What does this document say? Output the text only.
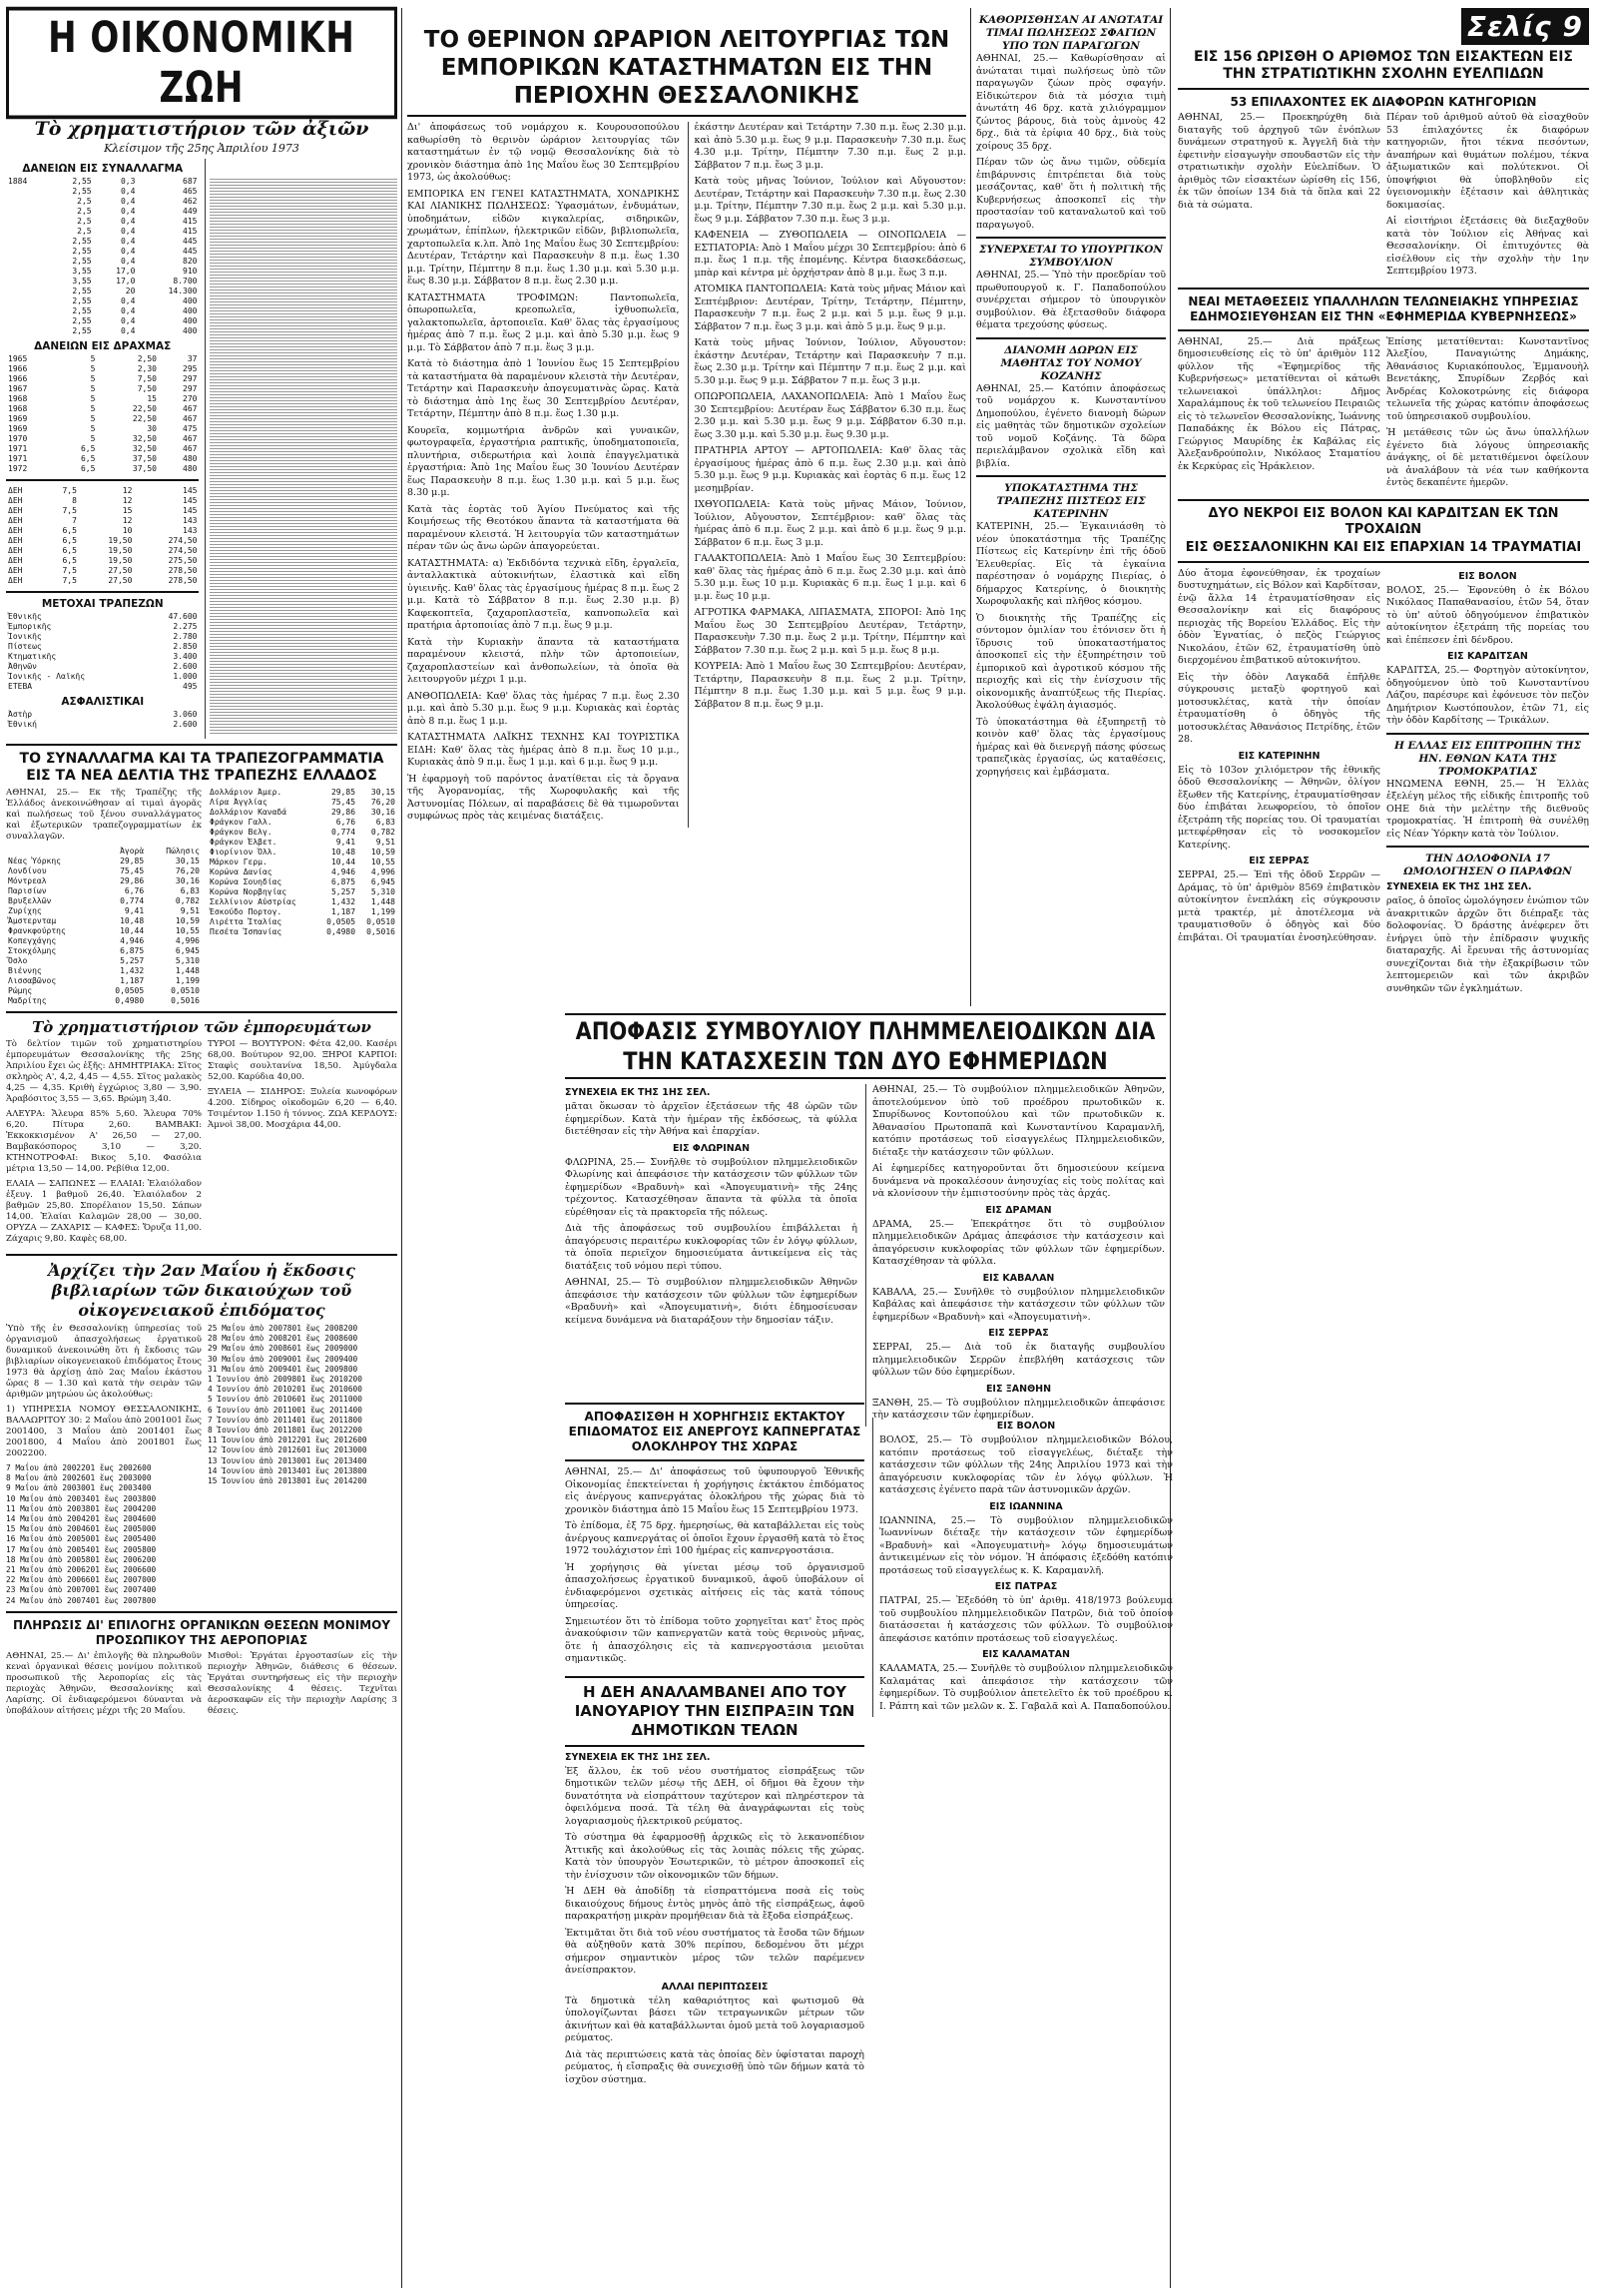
Η ΟΙΚΟΝΟΜΙΚΗ ΖΩΗ
Τὸ χρηματιστήριον τῶν ἀξιῶν
Κλείσιμον τῆς 25ης Ἀπριλίου 1973
ΔΑΝΕΙΩΝ ΕΙΣ ΣΥΝΑΛΛΑΓΜΑ
1884	2,55	0,3	687
	2,55	0,4	465
	2,5	0,4	462
	2,5	0,4	449
	2,5	0,4	415
	2,5	0,4	415
	2,55	0,4	445
	2,55	0,4	445
	2,55	0,4	820
	3,55	17,0	910
	3,55	17,0	8.700
	2,55	20	14.300
	2,55	0,4	400
	2,55	0,4	400
	2,55	0,4	400
	2,55	0,4	400
ΔΑΝΕΙΩΝ ΕΙΣ ΔΡΑΧΜΑΣ
1965	5	2,50	37
1966	5	2,30	295
1966	5	7,50	297
1967	5	7,50	297
1968	5	15	270
1968	5	22,50	467
1969	5	22,50	467
1969	5	30	475
1970	5	32,50	467
1971	6,5	32,50	467
1971	6,5	37,50	480
1972	6,5	37,50	480
ΔΕΗ	7,5	12	145
ΔΕΗ	8	12	145
ΔΕΗ	7,5	15	145
ΔΕΗ	7	12	143
ΔΕΗ	6,5	10	143
ΔΕΗ	6,5	19,50	274,50
ΔΕΗ	6,5	19,50	274,50
ΔΕΗ	6,5	19,50	275,50
ΔΕΗ	7,5	27,50	278,50
ΔΕΗ	7,5	27,50	278,50
ΜΕΤΟΧΑΙ ΤΡΑΠΕΖΩΝ
Ἐθνικῆς	47.600
Ἐμπορικῆς	2.275
Ἰονικῆς	2.780
Πίστεως	2.850
Κτηματικῆς	3.400
Ἀθηνῶν	2.600
Ἰονικῆς - Λαϊκῆς	1.000
ΕΤΕΒΑ	495
ΑΣΦΑΛΙΣΤΙΚΑΙ
Ἀστὴρ	3.060
Ἐθνική	2.600
ΤΟ ΣΥΝΑΛΛΑΓΜΑ ΚΑΙ ΤΑ ΤΡΑΠΕΖΟΓΡΑΜΜΑΤΙΑ ΕΙΣ ΤΑ ΝΕΑ ΔΕΛΤΙΑ ΤΗΣ ΤΡΑΠΕΖΗΣ ΕΛΛΑΔΟΣ

ΑΘΗΝΑΙ, 25.— Εκ τῆς Τραπέζης τῆς Ἑλλάδος ἀνεκοινώθησαν αἱ τιμαὶ ἀγορᾶς καὶ πωλήσεως τοῦ ξένου συναλλάγματος καὶ ἐξωτερικῶν τραπεζογραμματίων ἐκ συναλλαγῶν.

	Ἀγορὰ	Πώλησις
Νέας Ὑόρκης	29,85	30,15
Λονδίνου	75,45	76,20
Μόντρεαλ	29,86	30,16
Παρισίων	6,76	6,83
Βρυξελλῶν	0,774	0,782
Ζυρίχης	9,41	9,51
Ἄμστερνταμ	10,48	10,59
Φρανκφούρτης	10,44	10,55
Κοπεγχάγης	4,946	4,996
Στοκχόλμης	6,875	6,945
Ὄσλο	5,257	5,310
Βιέννης	1,432	1,448
Λισσαβῶνος	1,187	1,199
Ρώμης	0,0505	0,0510
Μαδρίτης	0,4980	0,5016
Δολλάριον Ἀμερ.	29,85	30,15
Λίρα Ἀγγλίας	75,45	76,20
Δολλάριον Καναδά	29,86	30,16
Φράγκον Γαλλ.	6,76	6,83
Φράγκον Βελγ.	0,774	0,782
Φράγκον Ἐλβετ.	9,41	9,51
Φιορίνιον Ὁλλ.	10,48	10,59
Μάρκον Γερμ.	10,44	10,55
Κορώνα Δανίας	4,946	4,996
Κορώνα Σουηδίας	6,875	6,945
Κορώνα Νορβηγίας	5,257	5,310
Σελλίνιον Αὐστρίας	1,432	1,448
Ἐσκούδο Πορτογ.	1,187	1,199
Λιρέττα Ἰταλίας	0,0505	0,0510
Πεσέτα Ἱσπανίας	0,4980	0,5016
Τὸ χρηματιστήριον τῶν ἐμπορευμάτων

Τὸ δελτίον τιμῶν τοῦ χρηματιστηρίου ἐμπορευμάτων Θεσσαλονίκης τῆς 25ης Ἀπριλίου ἔχει ὡς ἑξῆς: ΔΗΜΗΤΡΙΑΚΑ: Σῖτος σκληρὸς Α', 4,2, 4,45 — 4,55. Σῖτος μαλακὸς 4,25 — 4,35. Κριθὴ ἐγχώριος 3,80 — 3,90. Ἀραβόσιτος 3,55 — 3,65. Βρώμη 3,40.

ΑΛΕΥΡΑ: Ἄλευρα 85% 5,60. Ἄλευρα 70% 6,20. Πίτυρα 2,60. ΒΑΜΒΑΚΙ: Ἐκκοκκισμένον Α' 26,50 — 27,00. Βαμβακόσπορος 3,10 — 3,20. ΚΤΗΝΟΤΡΟΦΑΙ: Βικος 5,10. Φασόλια μέτρια 13,50 — 14,00. Ρεβίθια 12,00.

ΕΛΑΙΑ — ΣΑΠΩΝΕΣ — ΕΛΑΙΑΙ: Ἐλαιόλαδον ἐξευγ. 1 βαθμοῦ 26,40. Ἐλαιόλαδον 2 βαθμῶν 25,80. Σπορέλαιον 15,50. Σάπων 14,00. Ἐλαίαι Καλαμῶν 28,00 — 30,00. ΟΡΥΖΑ — ΖΑΧΑΡΙΣ — ΚΑΦΕΣ: Ὄρυζα 11,00. Ζάχαρις 9,80. Καφὲς 68,00.

ΤΥΡΟΙ — ΒΟΥΤΥΡΟΝ: Φέτα 42,00. Κασέρι 68,00. Βούτυρον 92,00. ΞΗΡΟΙ ΚΑΡΠΟΙ: Σταφὶς σουλτανίνα 18,50. Ἀμύγδαλα 52,00. Καρύδια 40,00.

ΞΥΛΕΙΑ — ΣΙΔΗΡΟΣ: Ξυλεία κωνοφόρων 4.200. Σίδηρος οἰκοδομῶν 6,20 — 6,40. Τσιμέντον 1.150 ἡ τόννος. ΖΩΑ ΚΕΡΔΟΥΣ: Ἀμνοὶ 38,00. Μοσχάρια 44,00.

Ἀρχίζει τὴν 2αν Μαΐου ἡ ἔκδοσις βιβλιαρίων τῶν δικαιούχων τοῦ οἰκογενειακοῦ ἐπιδόματος

Ὑπὸ τῆς ἐν Θεσσαλονίκῃ ὑπηρεσίας τοῦ ὀργανισμοῦ ἀπασχολήσεως ἐργατικοῦ δυναμικοῦ ἀνεκοινώθη ὅτι ἡ ἔκδοσις τῶν βιβλιαρίων οἰκογενειακοῦ ἐπιδόματος ἔτους 1973 θὰ ἀρχίσῃ ἀπὸ 2ας Μαΐου ἑκάστου ὥρας 8 — 1.30 καὶ κατὰ τὴν σειρὰν τῶν ἀριθμῶν μητρώου ὡς ἀκολούθως:

1) ΥΠΗΡΕΣΙΑ ΝΟΜΟΥ ΘΕΣΣΑΛΟΝΙΚΗΣ, ΒΑΛΑΩΡΙΤΟΥ 30: 2 Μαΐου ἀπὸ 2001001 ἕως 2001400, 3 Μαΐου ἀπὸ 2001401 ἕως 2001800, 4 Μαΐου ἀπὸ 2001801 ἕως 2002200.

7 Μαΐου ἀπὸ 2002201 ἕως 2002600
8 Μαΐου ἀπὸ 2002601 ἕως 2003000
9 Μαΐου ἀπὸ 2003001 ἕως 2003400
10 Μαΐου ἀπὸ 2003401 ἕως 2003800
11 Μαΐου ἀπὸ 2003801 ἕως 2004200
14 Μαΐου ἀπὸ 2004201 ἕως 2004600
15 Μαΐου ἀπὸ 2004601 ἕως 2005000
16 Μαΐου ἀπὸ 2005001 ἕως 2005400
17 Μαΐου ἀπὸ 2005401 ἕως 2005800
18 Μαΐου ἀπὸ 2005801 ἕως 2006200
21 Μαΐου ἀπὸ 2006201 ἕως 2006600
22 Μαΐου ἀπὸ 2006601 ἕως 2007000
23 Μαΐου ἀπὸ 2007001 ἕως 2007400
24 Μαΐου ἀπὸ 2007401 ἕως 2007800
25 Μαΐου ἀπὸ 2007801 ἕως 2008200
28 Μαΐου ἀπὸ 2008201 ἕως 2008600
29 Μαΐου ἀπὸ 2008601 ἕως 2009000
30 Μαΐου ἀπὸ 2009001 ἕως 2009400
31 Μαΐου ἀπὸ 2009401 ἕως 2009800
1 Ἰουνίου ἀπὸ 2009801 ἕως 2010200
4 Ἰουνίου ἀπὸ 2010201 ἕως 2010600
5 Ἰουνίου ἀπὸ 2010601 ἕως 2011000
6 Ἰουνίου ἀπὸ 2011001 ἕως 2011400
7 Ἰουνίου ἀπὸ 2011401 ἕως 2011800
8 Ἰουνίου ἀπὸ 2011801 ἕως 2012200
11 Ἰουνίου ἀπὸ 2012201 ἕως 2012600
12 Ἰουνίου ἀπὸ 2012601 ἕως 2013000
13 Ἰουνίου ἀπὸ 2013001 ἕως 2013400
14 Ἰουνίου ἀπὸ 2013401 ἕως 2013800
15 Ἰουνίου ἀπὸ 2013801 ἕως 2014200
ΠΛΗΡΩΣΙΣ ΔΙ' ΕΠΙΛΟΓΗΣ ΟΡΓΑΝΙΚΩΝ ΘΕΣΕΩΝ ΜΟΝΙΜΟΥ ΠΡΟΣΩΠΙΚΟΥ ΤΗΣ ΑΕΡΟΠΟΡΙΑΣ

ΑΘΗΝΑΙ, 25.— Δι' ἐπιλογῆς θὰ πληρωθοῦν κεναὶ ὀργανικαὶ θέσεις μονίμου πολιτικοῦ προσωπικοῦ τῆς Ἀεροπορίας εἰς τὰς περιοχὰς Ἀθηνῶν, Θεσσαλονίκης καὶ Λαρίσης. Οἱ ἐνδιαφερόμενοι δύνανται νὰ ὑποβάλουν αἰτήσεις μέχρι τῆς 20 Μαΐου.

Μισθοὶ: Ἐργάται ἐργοστασίων εἰς τὴν περιοχὴν Ἀθηνῶν, διάθεσις 6 θέσεων. Ἐργάται συντηρήσεως εἰς τὴν περιοχὴν Θεσσαλονίκης 4 θέσεις. Τεχνῖται ἀεροσκαφῶν εἰς τὴν περιοχὴν Λαρίσης 3 θέσεις.

ΤΟ ΘΕΡΙΝΟΝ ΩΡΑΡΙΟΝ ΛΕΙΤΟΥΡΓΙΑΣ ΤΩΝ ΕΜΠΟΡΙΚΩΝ ΚΑΤΑΣΤΗΜΑΤΩΝ ΕΙΣ ΤΗΝ ΠΕΡΙΟΧΗΝ ΘΕΣΣΑΛΟΝΙΚΗΣ

Δι' ἀποφάσεως τοῦ νομάρχου κ. Κουρουσοπούλου καθωρίσθη τὸ θερινὸν ὡράριον λειτουργίας τῶν καταστημάτων ἐν τῷ νομῷ Θεσσαλονίκης διὰ τὸ χρονικὸν διάστημα ἀπὸ 1ης Μαΐου ἕως 30 Σεπτεμβρίου 1973, ὡς ἀκολούθως:

ΕΜΠΟΡΙΚΑ ΕΝ ΓΕΝΕΙ ΚΑΤΑΣΤΗΜΑΤΑ, ΧΟΝΔΡΙΚΗΣ ΚΑΙ ΛΙΑΝΙΚΗΣ ΠΩΛΗΣΕΩΣ: Ὑφασμάτων, ἐνδυμάτων, ὑποδημάτων, εἰδῶν κιγκαλερίας, σιδηρικῶν, χρωμάτων, ἐπίπλων, ἠλεκτρικῶν εἰδῶν, βιβλιοπωλεῖα, χαρτοπωλεῖα κ.λπ. Ἀπὸ 1ης Μαΐου ἕως 30 Σεπτεμβρίου: Δευτέραν, Τετάρτην καὶ Παρασκευὴν 8 π.μ. ἕως 1.30 μ.μ. Τρίτην, Πέμπτην 8 π.μ. ἕως 1.30 μ.μ. καὶ 5.30 μ.μ. ἕως 8.30 μ.μ. Σάββατον 8 π.μ. ἕως 2.30 μ.μ.

ΚΑΤΑΣΤΗΜΑΤΑ ΤΡΟΦΙΜΩΝ: Παντοπωλεῖα, ὀπωροπωλεῖα, κρεοπωλεῖα, ἰχθυοπωλεῖα, γαλακτοπωλεῖα, ἀρτοποιεῖα. Καθ' ὅλας τὰς ἐργασίμους ἡμέρας ἀπὸ 7 π.μ. ἕως 2 μ.μ. καὶ ἀπὸ 5.30 μ.μ. ἕως 9 μ.μ. Τὸ Σάββατον ἀπὸ 7 π.μ. ἕως 3 μ.μ.

Κατὰ τὸ διάστημα ἀπὸ 1 Ἰουνίου ἕως 15 Σεπτεμβρίου τὰ καταστήματα θὰ παραμένουν κλειστὰ τὴν Δευτέραν, Τετάρτην καὶ Παρασκευὴν ἀπογευματινὰς ὥρας. Κατὰ τὸ διάστημα ἀπὸ 1ης ἕως 30 Σεπτεμβρίου Δευτέραν, Τετάρτην, Πέμπτην ἀπὸ 8 π.μ. ἕως 1.30 μ.μ.

Κουρεῖα, κομμωτήρια ἀνδρῶν καὶ γυναικῶν, φωτογραφεῖα, ἐργαστήρια ραπτικῆς, ὑποδηματοποιεῖα, πλυντήρια, σιδερωτήρια καὶ λοιπὰ ἐπαγγελματικὰ ἐργαστήρια: Ἀπὸ 1ης Μαΐου ἕως 30 Ἰουνίου Δευτέραν ἕως Παρασκευὴν 8 π.μ. ἕως 1.30 μ.μ. καὶ 5 μ.μ. ἕως 8.30 μ.μ.

Κατὰ τὰς ἑορτὰς τοῦ Ἁγίου Πνεύματος καὶ τῆς Κοιμήσεως τῆς Θεοτόκου ἅπαντα τὰ καταστήματα θὰ παραμένουν κλειστά. Ἡ λειτουργία τῶν καταστημάτων πέραν τῶν ὡς ἄνω ὡρῶν ἀπαγορεύεται.

ΚΑΤΑΣΤΗΜΑΤΑ: α) Ἐκδιδόντα τεχνικὰ εἴδη, ἐργαλεῖα, ἀνταλλακτικὰ αὐτοκινήτων, ἐλαστικὰ καὶ εἴδη ὑγιεινῆς. Καθ' ὅλας τὰς ἐργασίμους ἡμέρας 8 π.μ. ἕως 2 μ.μ. Κατὰ τὸ Σάββατον 8 π.μ. ἕως 2.30 μ.μ. β) Καφεκοπτεῖα, ζαχαροπλαστεῖα, καπνοπωλεῖα καὶ πρατήρια ἀρτοποιίας ἀπὸ 7 π.μ. ἕως 9 μ.μ.

Κατὰ τὴν Κυριακὴν ἅπαντα τὰ καταστήματα παραμένουν κλειστά, πλὴν τῶν ἀρτοποιείων, ζαχαροπλαστείων καὶ ἀνθοπωλείων, τὰ ὁποῖα θὰ λειτουργοῦν μέχρι 1 μ.μ.

ΑΝΘΟΠΩΛΕΙΑ: Καθ' ὅλας τὰς ἡμέρας 7 π.μ. ἕως 2.30 μ.μ. καὶ ἀπὸ 5.30 μ.μ. ἕως 9 μ.μ. Κυριακὰς καὶ ἑορτὰς ἀπὸ 8 π.μ. ἕως 1 μ.μ.

ΚΑΤΑΣΤΗΜΑΤΑ ΛΑΪΚΗΣ ΤΕΧΝΗΣ ΚΑΙ ΤΟΥΡΙΣΤΙΚΑ ΕΙΔΗ: Καθ' ὅλας τὰς ἡμέρας ἀπὸ 8 π.μ. ἕως 10 μ.μ., Κυριακὰς ἀπὸ 9 π.μ. ἕως 1 μ.μ. καὶ 6 μ.μ. ἕως 9 μ.μ.

Ἡ ἐφαρμογὴ τοῦ παρόντος ἀνατίθεται εἰς τὰ ὄργανα τῆς Ἀγορανομίας, τῆς Χωροφυλακῆς καὶ τῆς Ἀστυνομίας Πόλεων, αἱ παραβάσεις δὲ θὰ τιμωροῦνται συμφώνως πρὸς τὰς κειμένας διατάξεις.

ἑκάστην Δευτέραν καὶ Τετάρτην 7.30 π.μ. ἕως 2.30 μ.μ. καὶ ἀπὸ 5.30 μ.μ. ἕως 9 μ.μ. Παρασκευὴν 7.30 π.μ. ἕως 4.30 μ.μ. Τρίτην, Πέμπτην 7.30 π.μ. ἕως 2 μ.μ. Σάββατον 7 π.μ. ἕως 3 μ.μ.

Κατὰ τοὺς μῆνας Ἰούνιον, Ἰούλιον καὶ Αὔγουστον: Δευτέραν, Τετάρτην καὶ Παρασκευὴν 7.30 π.μ. ἕως 2.30 μ.μ. Τρίτην, Πέμπτην 7.30 π.μ. ἕως 2 μ.μ. καὶ 5.30 μ.μ. ἕως 9 μ.μ. Σάββατον 7.30 π.μ. ἕως 3 μ.μ.

ΚΑΦΕΝΕΙΑ — ΖΥΘΟΠΩΛΕΙΑ — ΟΙΝΟΠΩΛΕΙΑ — ΕΣΤΙΑΤΟΡΙΑ: Ἀπὸ 1 Μαΐου μέχρι 30 Σεπτεμβρίου: ἀπὸ 6 π.μ. ἕως 1 π.μ. τῆς ἐπομένης. Κέντρα διασκεδάσεως, μπὰρ καὶ κέντρα μὲ ὀρχήστραν ἀπὸ 8 μ.μ. ἕως 3 π.μ.

ΑΤΟΜΙΚΑ ΠΑΝΤΟΠΩΛΕΙΑ: Κατὰ τοὺς μῆνας Μάιον καὶ Σεπτέμβριον: Δευτέραν, Τρίτην, Τετάρτην, Πέμπτην, Παρασκευὴν 7 π.μ. ἕως 2 μ.μ. καὶ 5 μ.μ. ἕως 9 μ.μ. Σάββατον 7 π.μ. ἕως 3 μ.μ. καὶ ἀπὸ 5 μ.μ. ἕως 9 μ.μ.

Κατὰ τοὺς μῆνας Ἰούνιον, Ἰούλιον, Αὔγουστον: ἑκάστην Δευτέραν, Τετάρτην καὶ Παρασκευὴν 7 π.μ. ἕως 2.30 μ.μ. Τρίτην καὶ Πέμπτην 7 π.μ. ἕως 2 μ.μ. καὶ 5.30 μ.μ. ἕως 9 μ.μ. Σάββατον 7 π.μ. ἕως 3 μ.μ.

ΟΠΩΡΟΠΩΛΕΙΑ, ΛΑΧΑΝΟΠΩΛΕΙΑ: Ἀπὸ 1 Μαΐου ἕως 30 Σεπτεμβρίου: Δευτέραν ἕως Σάββατον 6.30 π.μ. ἕως 2.30 μ.μ. καὶ 5.30 μ.μ. ἕως 9 μ.μ. Σάββατον 6.30 π.μ. ἕως 3.30 μ.μ. καὶ 5.30 μ.μ. ἕως 9.30 μ.μ.

ΠΡΑΤΗΡΙΑ ΑΡΤΟΥ — ΑΡΤΟΠΩΛΕΙΑ: Καθ' ὅλας τὰς ἐργασίμους ἡμέρας ἀπὸ 6 π.μ. ἕως 2.30 μ.μ. καὶ ἀπὸ 5.30 μ.μ. ἕως 9 μ.μ. Κυριακὰς καὶ ἑορτὰς 6 π.μ. ἕως 12 μεσημβρίαν.

ΙΧΘΥΟΠΩΛΕΙΑ: Κατὰ τοὺς μῆνας Μάιον, Ἰούνιον, Ἰούλιον, Αὔγουστον, Σεπτέμβριον: καθ' ὅλας τὰς ἡμέρας ἀπὸ 6 π.μ. ἕως 2 μ.μ. καὶ ἀπὸ 6 μ.μ. ἕως 9 μ.μ. Σάββατον 6 π.μ. ἕως 3 μ.μ.

ΓΑΛΑΚΤΟΠΩΛΕΙΑ: Ἀπὸ 1 Μαΐου ἕως 30 Σεπτεμβρίου: καθ' ὅλας τὰς ἡμέρας ἀπὸ 6 π.μ. ἕως 2.30 μ.μ. καὶ ἀπὸ 5.30 μ.μ. ἕως 10 μ.μ. Κυριακὰς 6 π.μ. ἕως 1 μ.μ. καὶ 6 μ.μ. ἕως 10 μ.μ.

ΑΓΡΟΤΙΚΑ ΦΑΡΜΑΚΑ, ΛΙΠΑΣΜΑΤΑ, ΣΠΟΡΟΙ: Ἀπὸ 1ης Μαΐου ἕως 30 Σεπτεμβρίου Δευτέραν, Τετάρτην, Παρασκευὴν 7.30 π.μ. ἕως 2 μ.μ. Τρίτην, Πέμπτην καὶ Σάββατον 7.30 π.μ. ἕως 2 μ.μ. καὶ 5 μ.μ. ἕως 8 μ.μ.

ΚΟΥΡΕΙΑ: Ἀπὸ 1 Μαΐου ἕως 30 Σεπτεμβρίου: Δευτέραν, Τετάρτην, Παρασκευὴν 8 π.μ. ἕως 2 μ.μ. Τρίτην, Πέμπτην 8 π.μ. ἕως 1.30 μ.μ. καὶ 5 μ.μ. ἕως 9 μ.μ. Σάββατον 8 π.μ. ἕως 9 μ.μ.

ΚΑΘΟΡΙΣΘΗΣΑΝ ΑΙ ΑΝΩΤΑΤΑΙ ΤΙΜΑΙ ΠΩΛΗΣΕΩΣ ΣΦΑΓΙΩΝ ΥΠΟ ΤΩΝ ΠΑΡΑΓΩΓΩΝ

ΑΘΗΝΑΙ, 25.— Καθωρίσθησαν αἱ ἀνώταται τιμαὶ πωλήσεως ὑπὸ τῶν παραγωγῶν ζώων πρὸς σφαγήν. Εἰδικώτερον διὰ τὰ μόσχια τιμὴ ἀνωτάτη 46 δρχ. κατὰ χιλιόγραμμον ζώντος βάρους, διὰ τοὺς ἀμνοὺς 42 δρχ., διὰ τὰ ἐρίφια 40 δρχ., διὰ τοὺς χοίρους 35 δρχ.

Πέραν τῶν ὡς ἄνω τιμῶν, οὐδεμία ἐπιβάρυνσις ἐπιτρέπεται διὰ τοὺς μεσάζοντας, καθ' ὅτι ἡ πολιτικὴ τῆς Κυβερνήσεως ἀποσκοπεῖ εἰς τὴν προστασίαν τοῦ καταναλωτοῦ καὶ τοῦ παραγωγοῦ.

ΣΥΝΕΡΧΕΤΑΙ ΤΟ ΥΠΟΥΡΓΙΚΟΝ ΣΥΜΒΟΥΛΙΟΝ

ΑΘΗΝΑΙ, 25.— Ὑπὸ τὴν προεδρίαν τοῦ πρωθυπουργοῦ κ. Γ. Παπαδοπούλου συνέρχεται σήμερον τὸ ὑπουργικὸν συμβούλιον. Θὰ ἐξετασθοῦν διάφορα θέματα τρεχούσης φύσεως.

ΔΙΑΝΟΜΗ ΔΩΡΩΝ ΕΙΣ ΜΑΘΗΤΑΣ ΤΟΥ ΝΟΜΟΥ ΚΟΖΑΝΗΣ

ΑΘΗΝΑΙ, 25.— Κατόπιν ἀποφάσεως τοῦ νομάρχου κ. Κωνσταντίνου Δημοπούλου, ἐγένετο διανομὴ δώρων εἰς μαθητὰς τῶν δημοτικῶν σχολείων τοῦ νομοῦ Κοζάνης. Τὰ δῶρα περιελάμβανον σχολικὰ εἴδη καὶ βιβλία.

ΥΠΟΚΑΤΑΣΤΗΜΑ ΤΗΣ ΤΡΑΠΕΖΗΣ ΠΙΣΤΕΩΣ ΕΙΣ ΚΑΤΕΡΙΝΗΝ

ΚΑΤΕΡΙΝΗ, 25.— Ἐγκαινιάσθη τὸ νέον ὑποκατάστημα τῆς Τραπέζης Πίστεως εἰς Κατερίνην ἐπὶ τῆς ὁδοῦ Ἐλευθερίας. Εἰς τὰ ἐγκαίνια παρέστησαν ὁ νομάρχης Πιερίας, ὁ δήμαρχος Κατερίνης, ὁ διοικητὴς Χωροφυλακῆς καὶ πλῆθος κόσμου.

Ὁ διοικητὴς τῆς Τραπέζης εἰς σύντομον ὁμιλίαν του ἐτόνισεν ὅτι ἡ ἵδρυσις τοῦ ὑποκαταστήματος ἀποσκοπεῖ εἰς τὴν ἐξυπηρέτησιν τοῦ ἐμπορικοῦ καὶ ἀγροτικοῦ κόσμου τῆς περιοχῆς καὶ εἰς τὴν ἐνίσχυσιν τῆς οἰκονομικῆς ἀναπτύξεως τῆς Πιερίας. Ἀκολούθως ἐψάλη ἁγιασμός.

Τὸ ὑποκατάστημα θὰ ἐξυπηρετῇ τὸ κοινὸν καθ' ὅλας τὰς ἐργασίμους ἡμέρας καὶ θὰ διενεργῇ πάσης φύσεως τραπεζικὰς ἐργασίας, ὡς καταθέσεις, χορηγήσεις καὶ ἐμβάσματα.

ΑΠΟΦΑΣΙΣ ΣΥΜΒΟΥΛΙΟΥ ΠΛΗΜΜΕΛΕΙΟΔΙΚΩΝ ΔΙΑ ΤΗΝ ΚΑΤΑΣΧΕΣΙΝ ΤΩΝ ΔΥΟ ΕΦΗΜΕΡΙΔΩΝ
ΣΥΝΕΧΕΙΑ ΕΚ ΤΗΣ 1ΗΣ ΣΕΛ.

μᾶται ὅκωσαν τὸ ἀρχεῖον ἐξετάσεων τῆς 48 ὠρῶν τῶν ἐφημερίδων. Κατὰ τὴν ἡμέραν τῆς ἐκδόσεως, τὰ φύλλα διετέθησαν εἰς τὴν Ἀθήνα καὶ ἐπαρχίαν.

ΕΙΣ ΦΛΩΡΙΝΑΝ

ΦΛΩΡΙΝΑ, 25.— Συνῆλθε τὸ συμβούλιον πλημμελειοδικῶν Φλωρίνης καὶ ἀπεφάσισε τὴν κατάσχεσιν τῶν φύλλων τῶν ἐφημερίδων «Βραδυνὴ» καὶ «Ἀπογευματινὴ» τῆς 24ης τρέχοντος. Κατασχέθησαν ἅπαντα τὰ φύλλα τὰ ὁποῖα εὑρέθησαν εἰς τὰ πρακτορεῖα τῆς πόλεως.

Διὰ τῆς ἀποφάσεως τοῦ συμβουλίου ἐπιβάλλεται ἡ ἀπαγόρευσις περαιτέρω κυκλοφορίας τῶν ἐν λόγῳ φύλλων, τὰ ὁποῖα περιεῖχον δημοσιεύματα ἀντικείμενα εἰς τὰς διατάξεις τοῦ νόμου περὶ τύπου.

ΑΘΗΝΑΙ, 25.— Τὸ συμβούλιον πλημμελειοδικῶν Ἀθηνῶν ἀπεφάσισε τὴν κατάσχεσιν τῶν φύλλων τῶν ἐφημερίδων «Βραδυνὴ» καὶ «Ἀπογευματινὴ», διότι ἐδημοσίευσαν κείμενα δυνάμενα νὰ διαταράξουν τὴν δημοσίαν τάξιν.

ΑΘΗΝΑΙ, 25.— Τὸ συμβούλιον πλημμελειοδικῶν Ἀθηνῶν, ἀποτελούμενον ὑπὸ τοῦ προέδρου πρωτοδικῶν κ. Σπυρίδωνος Κοντοπούλου καὶ τῶν πρωτοδικῶν κ. Ἀθανασίου Πρωτοπαπᾶ καὶ Κωνσταντίνου Καραμανλῆ, κατόπιν προτάσεως τοῦ εἰσαγγελέως Πλημμελειοδικῶν, διέταξε τὴν κατάσχεσιν τῶν φύλλων.

Αἱ ἐφημερίδες κατηγοροῦνται ὅτι δημοσιεύουν κείμενα δυνάμενα νὰ προκαλέσουν ἀνησυχίας εἰς τοὺς πολίτας καὶ νὰ κλονίσουν τὴν ἐμπιστοσύνην πρὸς τὰς ἀρχάς.

ΕΙΣ ΔΡΑΜΑΝ

ΔΡΑΜΑ, 25.— Ἐπεκράτησε ὅτι τὸ συμβούλιον πλημμελειοδικῶν Δράμας ἀπεφάσισε τὴν κατάσχεσιν καὶ ἀπαγόρευσιν κυκλοφορίας τῶν φύλλων τῶν ἐφημερίδων. Κατασχέθησαν τὰ φύλλα.

ΕΙΣ ΚΑΒΑΛΑΝ

ΚΑΒΑΛΑ, 25.— Συνῆλθε τὸ συμβούλιον πλημμελειοδικῶν Καβάλας καὶ ἀπεφάσισε τὴν κατάσχεσιν τῶν φύλλων τῶν ἐφημερίδων «Βραδυνὴ» καὶ «Ἀπογευματινὴ».

ΕΙΣ ΣΕΡΡΑΣ

ΣΕΡΡΑΙ, 25.— Διὰ τοῦ ἐκ διαταγῆς συμβουλίου πλημμελειοδικῶν Σερρῶν ἐπεβλήθη κατάσχεσις τῶν φύλλων τῶν δύο ἐφημερίδων.

ΕΙΣ ΞΑΝΘΗΝ

ΞΑΝΘΗ, 25.— Τὸ συμβούλιον πλημμελειοδικῶν ἀπεφάσισε τὴν κατάσχεσιν τῶν ἐφημερίδων.

ΑΠΟΦΑΣΙΣΘΗ Η ΧΟΡΗΓΗΣΙΣ ΕΚΤΑΚΤΟΥ ΕΠΙΔΟΜΑΤΟΣ ΕΙΣ ΑΝΕΡΓΟΥΣ ΚΑΠΝΕΡΓΑΤΑΣ ΟΛΟΚΛΗΡΟΥ ΤΗΣ ΧΩΡΑΣ

ΑΘΗΝΑΙ, 25.— Δι' ἀποφάσεως τοῦ ὑφυπουργοῦ Ἐθνικῆς Οἰκονομίας ἐπεκτείνεται ἡ χορήγησις ἐκτάκτου ἐπιδόματος εἰς ἀνέργους καπνεργάτας ὁλοκλήρου τῆς χώρας διὰ τὸ χρονικὸν διάστημα ἀπὸ 15 Μαΐου ἕως 15 Σεπτεμβρίου 1973.

Τὸ ἐπίδομα, ἐξ 75 δρχ. ἡμερησίως, θὰ καταβάλλεται εἰς τοὺς ἀνέργους καπνεργάτας οἱ ὁποῖοι ἔχουν ἐργασθῆ κατὰ τὸ ἔτος 1972 τουλάχιστον ἐπὶ 100 ἡμέρας εἰς καπνεργοστάσια.

Ἡ χορήγησις θὰ γίνεται μέσῳ τοῦ ὀργανισμοῦ ἀπασχολήσεως ἐργατικοῦ δυναμικοῦ, ἀφοῦ ὑποβάλουν οἱ ἐνδιαφερόμενοι σχετικὰς αἰτήσεις εἰς τὰς κατὰ τόπους ὑπηρεσίας.

Σημειωτέον ὅτι τὸ ἐπίδομα τοῦτο χορηγεῖται κατ' ἔτος πρὸς ἀνακούφισιν τῶν καπνεργατῶν κατὰ τοὺς θερινοὺς μῆνας, ὅτε ἡ ἀπασχόλησις εἰς τὰ καπνεργοστάσια μειοῦται σημαντικῶς.

Η ΔΕΗ ΑΝΑΛΑΜΒΑΝΕΙ ΑΠΟ ΤΟΥ ΙΑΝΟΥΑΡΙΟΥ ΤΗΝ ΕΙΣΠΡΑΞΙΝ ΤΩΝ ΔΗΜΟΤΙΚΩΝ ΤΕΛΩΝ
ΣΥΝΕΧΕΙΑ ΕΚ ΤΗΣ 1ΗΣ ΣΕΛ.

Ἐξ ἄλλου, ἐκ τοῦ νέου συστήματος εἰσπράξεως τῶν δημοτικῶν τελῶν μέσῳ τῆς ΔΕΗ, οἱ δῆμοι θὰ ἔχουν τὴν δυνατότητα νὰ εἰσπράττουν ταχύτερον καὶ πληρέστερον τὰ ὀφειλόμενα ποσά. Τὰ τέλη θὰ ἀναγράφωνται εἰς τοὺς λογαριασμοὺς ἠλεκτρικοῦ ρεύματος.

Τὸ σύστημα θὰ ἐφαρμοσθῇ ἀρχικῶς εἰς τὸ λεκανοπέδιον Ἀττικῆς καὶ ἀκολούθως εἰς τὰς λοιπὰς πόλεις τῆς χώρας. Κατὰ τὸν ὑπουργὸν Ἐσωτερικῶν, τὸ μέτρον ἀποσκοπεῖ εἰς τὴν ἐνίσχυσιν τῶν οἰκονομικῶν τῶν δήμων.

Ἡ ΔΕΗ θὰ ἀποδίδῃ τὰ εἰσπραττόμενα ποσὰ εἰς τοὺς δικαιούχους δήμους ἐντὸς μηνὸς ἀπὸ τῆς εἰσπράξεως, ἀφοῦ παρακρατήσῃ μικρὰν προμήθειαν διὰ τὰ ἔξοδα εἰσπράξεως.

Ἐκτιμᾶται ὅτι διὰ τοῦ νέου συστήματος τὰ ἔσοδα τῶν δήμων θὰ αὐξηθοῦν κατὰ 30% περίπου, δεδομένου ὅτι μέχρι σήμερον σημαντικὸν μέρος τῶν τελῶν παρέμενεν ἀνείσπρακτον.

ΑΛΛΑΙ ΠΕΡΙΠΤΩΣΕΙΣ

Τὰ δημοτικὰ τέλη καθαριότητος καὶ φωτισμοῦ θὰ ὑπολογίζωνται βάσει τῶν τετραγωνικῶν μέτρων τῶν ἀκινήτων καὶ θὰ καταβάλλωνται ὁμοῦ μετὰ τοῦ λογαριασμοῦ ρεύματος.

Διὰ τὰς περιπτώσεις κατὰ τὰς ὁποίας δὲν ὑφίσταται παροχὴ ρεύματος, ἡ εἴσπραξις θὰ συνεχισθῇ ὑπὸ τῶν δήμων κατὰ τὸ ἰσχῦον σύστημα.

ΕΙΣ ΒΟΛΟΝ

ΒΟΛΟΣ, 25.— Τὸ συμβούλιον πλημμελειοδικῶν Βόλου, κατόπιν προτάσεως τοῦ εἰσαγγελέως, διέταξε τὴν κατάσχεσιν τῶν φύλλων τῆς 24ης Ἀπριλίου 1973 καὶ τὴν ἀπαγόρευσιν κυκλοφορίας τῶν ἐν λόγῳ φύλλων. Ἡ κατάσχεσις ἐγένετο παρὰ τῶν ἀστυνομικῶν ἀρχῶν.

ΕΙΣ ΙΩΑΝΝΙΝΑ

ΙΩΑΝΝΙΝΑ, 25.— Τὸ συμβούλιον πλημμελειοδικῶν Ἰωαννίνων διέταξε τὴν κατάσχεσιν τῶν ἐφημερίδων «Βραδυνὴ» καὶ «Ἀπογευματινὴ» λόγῳ δημοσιευμάτων ἀντικειμένων εἰς τὸν νόμον. Ἡ ἀπόφασις ἐξεδόθη κατόπιν προτάσεως τοῦ εἰσαγγελέως κ. Κ. Καραμανλῆ.

ΕΙΣ ΠΑΤΡΑΣ

ΠΑΤΡΑΙ, 25.— Ἐξεδόθη τὸ ὑπ' ἀριθμ. 418/1973 βούλευμα τοῦ συμβουλίου πλημμελειοδικῶν Πατρῶν, διὰ τοῦ ὁποίου διατάσσεται ἡ κατάσχεσις τῶν φύλλων. Τὸ συμβούλιον ἀπεφάσισε κατόπιν προτάσεως τοῦ εἰσαγγελέως.

ΕΙΣ ΚΑΛΑΜΑΤΑΝ

ΚΑΛΑΜΑΤΑ, 25.— Συνῆλθε τὸ συμβούλιον πλημμελειοδικῶν Καλαμάτας καὶ ἀπεφάσισε τὴν κατάσχεσιν τῶν ἐφημερίδων. Τὸ συμβούλιον ἀπετελεῖτο ἐκ τοῦ προέδρου κ. Ι. Ράπτη καὶ τῶν μελῶν κ. Σ. Γαβαλᾶ καὶ Α. Παπαδοπούλου.

Σελίς 9
ΕΙΣ 156 ΩΡΙΣΘΗ Ο ΑΡΙΘΜΟΣ ΤΩΝ ΕΙΣΑΚΤΕΩΝ ΕΙΣ ΤΗΝ ΣΤΡΑΤΙΩΤΙΚΗΝ ΣΧΟΛΗΝ ΕΥΕΛΠΙΔΩΝ
53 ΕΠΙΛΑΧΟΝΤΕΣ ΕΚ ΔΙΑΦΟΡΩΝ ΚΑΤΗΓΟΡΙΩΝ

ΑΘΗΝΑΙ, 25.— Προεκηρύχθη διὰ διαταγῆς τοῦ ἀρχηγοῦ τῶν ἐνόπλων δυνάμεων στρατηγοῦ κ. Ἀγγελῆ διὰ τὴν ἐφετινὴν εἰσαγωγὴν σπουδαστῶν εἰς τὴν στρατιωτικὴν σχολὴν Εὐελπίδων. Ὁ ἀριθμὸς τῶν εἰσακτέων ὡρίσθη εἰς 156, ἐκ τῶν ὁποίων 134 διὰ τὰ ὅπλα καὶ 22 διὰ τὰ σώματα.

Πέραν τοῦ ἀριθμοῦ αὐτοῦ θὰ εἰσαχθοῦν 53 ἐπιλαχόντες ἐκ διαφόρων κατηγοριῶν, ἤτοι τέκνα πεσόντων, ἀναπήρων καὶ θυμάτων πολέμου, τέκνα ἀξιωματικῶν καὶ πολύτεκνοι. Οἱ ὑποψήφιοι θὰ ὑποβληθοῦν εἰς ὑγειονομικὴν ἐξέτασιν καὶ ἀθλητικὰς δοκιμασίας.

Αἱ εἰσιτήριοι ἐξετάσεις θὰ διεξαχθοῦν κατὰ τὸν Ἰούλιον εἰς Ἀθήνας καὶ Θεσσαλονίκην. Οἱ ἐπιτυχόντες θὰ εἰσέλθουν εἰς τὴν σχολὴν τὴν 1ην Σεπτεμβρίου 1973.

ΝΕΑΙ ΜΕΤΑΘΕΣΕΙΣ ΥΠΑΛΛΗΛΩΝ ΤΕΛΩΝΕΙΑΚΗΣ ΥΠΗΡΕΣΙΑΣ ΕΔΗΜΟΣΙΕΥΘΗΣΑΝ ΕΙΣ ΤΗΝ «ΕΦΗΜΕΡΙΔΑ ΚΥΒΕΡΝΗΣΕΩΣ»

ΑΘΗΝΑΙ, 25.— Διὰ πράξεως δημοσιευθείσης εἰς τὸ ὑπ' ἀριθμὸν 112 φύλλον τῆς «Ἐφημερίδος τῆς Κυβερνήσεως» μετατίθενται οἱ κάτωθι τελωνειακοὶ ὑπάλληλοι: Δῆμος Χαραλάμπους ἐκ τοῦ τελωνείου Πειραιῶς εἰς τὸ τελωνεῖον Θεσσαλονίκης, Ἰωάννης Παπαδάκης ἐκ Βόλου εἰς Πάτρας, Γεώργιος Μαυρίδης ἐκ Καβάλας εἰς Ἀλεξανδρούπολιν, Νικόλαος Σταματίου ἐκ Κερκύρας εἰς Ἡράκλειον.

Ἐπίσης μετατίθενται: Κωνσταντῖνος Ἀλεξίου, Παναγιώτης Δημάκης, Ἀθανάσιος Κυριακόπουλος, Ἐμμανουὴλ Βενετάκης, Σπυρίδων Ζερβός καὶ Ἀνδρέας Κολοκοτρώνης εἰς διάφορα τελωνεῖα τῆς χώρας κατόπιν ἀποφάσεως τοῦ ὑπηρεσιακοῦ συμβουλίου.

Ἡ μετάθεσις τῶν ὡς ἄνω ὑπαλλήλων ἐγένετο διὰ λόγους ὑπηρεσιακῆς ἀνάγκης, οἱ δὲ μετατιθέμενοι ὀφείλουν νὰ ἀναλάβουν τὰ νέα των καθήκοντα ἐντὸς δεκαπέντε ἡμερῶν.

ΔΥΟ ΝΕΚΡΟΙ ΕΙΣ ΒΟΛΟΝ ΚΑΙ ΚΑΡΔΙΤΣΑΝ ΕΚ ΤΩΝ ΤΡΟΧΑΙΩΝ
ΕΙΣ ΘΕΣΣΑΛΟΝΙΚΗΝ ΚΑΙ ΕΙΣ ΕΠΑΡΧΙΑΝ 14 ΤΡΑΥΜΑΤΙΑΙ

Δύο ἄτομα ἐφονεύθησαν, ἐκ τροχαίων δυστυχημάτων, εἰς Βόλον καὶ Καρδίτσαν, ἐνῷ ἄλλα 14 ἐτραυματίσθησαν εἰς Θεσσαλονίκην καὶ εἰς διαφόρους περιοχὰς τῆς Βορείου Ἑλλάδος. Εἰς τὴν ὁδὸν Ἐγνατίας, ὁ πεζὸς Γεώργιος Νικολάου, ἐτῶν 62, ἐτραυματίσθη ὑπὸ διερχομένου ἐπιβατικοῦ αὐτοκινήτου.

Εἰς τὴν ὁδὸν Λαγκαδᾶ ἐπῆλθε σύγκρουσις μεταξὺ φορτηγοῦ καὶ μοτοσυκλέτας, κατὰ τὴν ὁποίαν ἐτραυματίσθη ὁ ὁδηγὸς τῆς μοτοσυκλέτας Ἀθανάσιος Πετρίδης, ἐτῶν 28.

ΕΙΣ ΚΑΤΕΡΙΝΗΝ

Εἰς τὸ 103ον χιλιόμετρον τῆς ἐθνικῆς ὁδοῦ Θεσσαλονίκης — Ἀθηνῶν, ὀλίγον ἔξωθεν τῆς Κατερίνης, ἐτραυματίσθησαν δύο ἐπιβάται λεωφορείου, τὸ ὁποῖον ἐξετράπη τῆς πορείας του. Οἱ τραυματίαι μετεφέρθησαν εἰς τὸ νοσοκομεῖον Κατερίνης.

ΕΙΣ ΣΕΡΡΑΣ

ΣΕΡΡΑΙ, 25.— Ἐπὶ τῆς ὁδοῦ Σερρῶν — Δράμας, τὸ ὑπ' ἀριθμὸν 8569 ἐπιβατικὸν αὐτοκίνητον ἐνεπλάκη εἰς σύγκρουσιν μετὰ τρακτέρ, μὲ ἀποτέλεσμα νὰ τραυματισθοῦν ὁ ὁδηγὸς καὶ δύο ἐπιβάται. Οἱ τραυματίαι ἐνοσηλεύθησαν.

ΕΙΣ ΒΟΛΟΝ

ΒΟΛΟΣ, 25.— Ἐφονεύθη ὁ ἐκ Βόλου Νικόλαος Παπαθανασίου, ἐτῶν 54, ὅταν τὸ ὑπ' αὐτοῦ ὁδηγούμενον ἐπιβατικὸν αὐτοκίνητον ἐξετράπη τῆς πορείας του καὶ ἐπέπεσεν ἐπὶ δένδρου.

ΕΙΣ ΚΑΡΔΙΤΣΑΝ

ΚΑΡΔΙΤΣΑ, 25.— Φορτηγὸν αὐτοκίνητον, ὁδηγούμενον ὑπὸ τοῦ Κωνσταντίνου Λάζου, παρέσυρε καὶ ἐφόνευσε τὸν πεζὸν Δημήτριον Κωστόπουλον, ἐτῶν 71, εἰς τὴν ὁδὸν Καρδίτσης — Τρικάλων.

Η ΕΛΛΑΣ ΕΙΣ ΕΠΙΤΡΟΠΗΝ ΤΗΣ ΗΝ. ΕΘΝΩΝ ΚΑΤΑ ΤΗΣ ΤΡΟΜΟΚΡΑΤΙΑΣ

ΗΝΩΜΕΝΑ ΕΘΝΗ, 25.— Ἡ Ἑλλὰς ἐξελέγη μέλος τῆς εἰδικῆς ἐπιτροπῆς τοῦ ΟΗΕ διὰ τὴν μελέτην τῆς διεθνοῦς τρομοκρατίας. Ἡ ἐπιτροπὴ θὰ συνέλθῃ εἰς Νέαν Ὑόρκην κατὰ τὸν Ἰούλιον.

ΤΗΝ ΔΟΛΟΦΟΝΙΑ 17 ΩΜΟΛΟΓΗΣΕΝ Ο ΠΑΡΑΦΩΝ
ΣΥΝΕΧΕΙΑ ΕΚ ΤΗΣ 1ΗΣ ΣΕΛ.

ραῖος, ὁ ὁποῖος ὡμολόγησεν ἐνώπιον τῶν ἀνακριτικῶν ἀρχῶν ὅτι διέπραξε τὰς δολοφονίας. Ὁ δράστης ἀνέφερεν ὅτι ἐνήργει ὑπὸ τὴν ἐπίδρασιν ψυχικῆς διαταραχῆς. Αἱ ἔρευναι τῆς ἀστυνομίας συνεχίζονται διὰ τὴν ἐξακρίβωσιν τῶν λεπτομερειῶν καὶ τῶν ἀκριβῶν συνθηκῶν τῶν ἐγκλημάτων.
